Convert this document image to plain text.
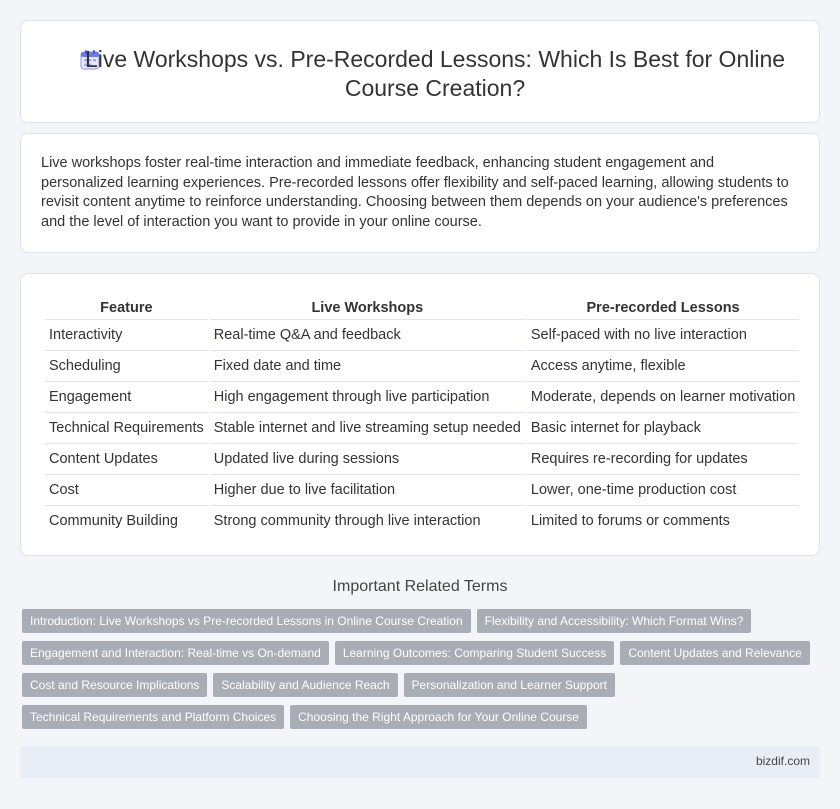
Live Workshops vs. Pre-Recorded Lessons: Which Is Best for Online Course Creation?

Live workshops foster real-time interaction and immediate feedback, enhancing student engagement and personalized learning experiences. Pre-recorded lessons offer flexibility and self-paced learning, allowing students to revisit content anytime to reinforce understanding. Choosing between them depends on your audience's preferences and the level of interaction you want to provide in your online course.

Feature	Live Workshops	Pre-recorded Lessons
Interactivity	Real-time Q&A and feedback	Self-paced with no live interaction
Scheduling	Fixed date and time	Access anytime, flexible
Engagement	High engagement through live participation	Moderate, depends on learner motivation
Technical Requirements	Stable internet and live streaming setup needed	Basic internet for playback
Content Updates	Updated live during sessions	Requires re-recording for updates
Cost	Higher due to live facilitation	Lower, one-time production cost
Community Building	Strong community through live interaction	Limited to forums or comments
Important Related Terms
Introduction: Live Workshops vs Pre-recorded Lessons in Online Course Creation	Flexibility and Accessibility: Which Format Wins?
Engagement and Interaction: Real-time vs On-demand	Learning Outcomes: Comparing Student Success	Content Updates and Relevance
Cost and Resource Implications	Scalability and Audience Reach	Personalization and Learner Support
Technical Requirements and Platform Choices	Choosing the Right Approach for Your Online Course
bizdif.com
